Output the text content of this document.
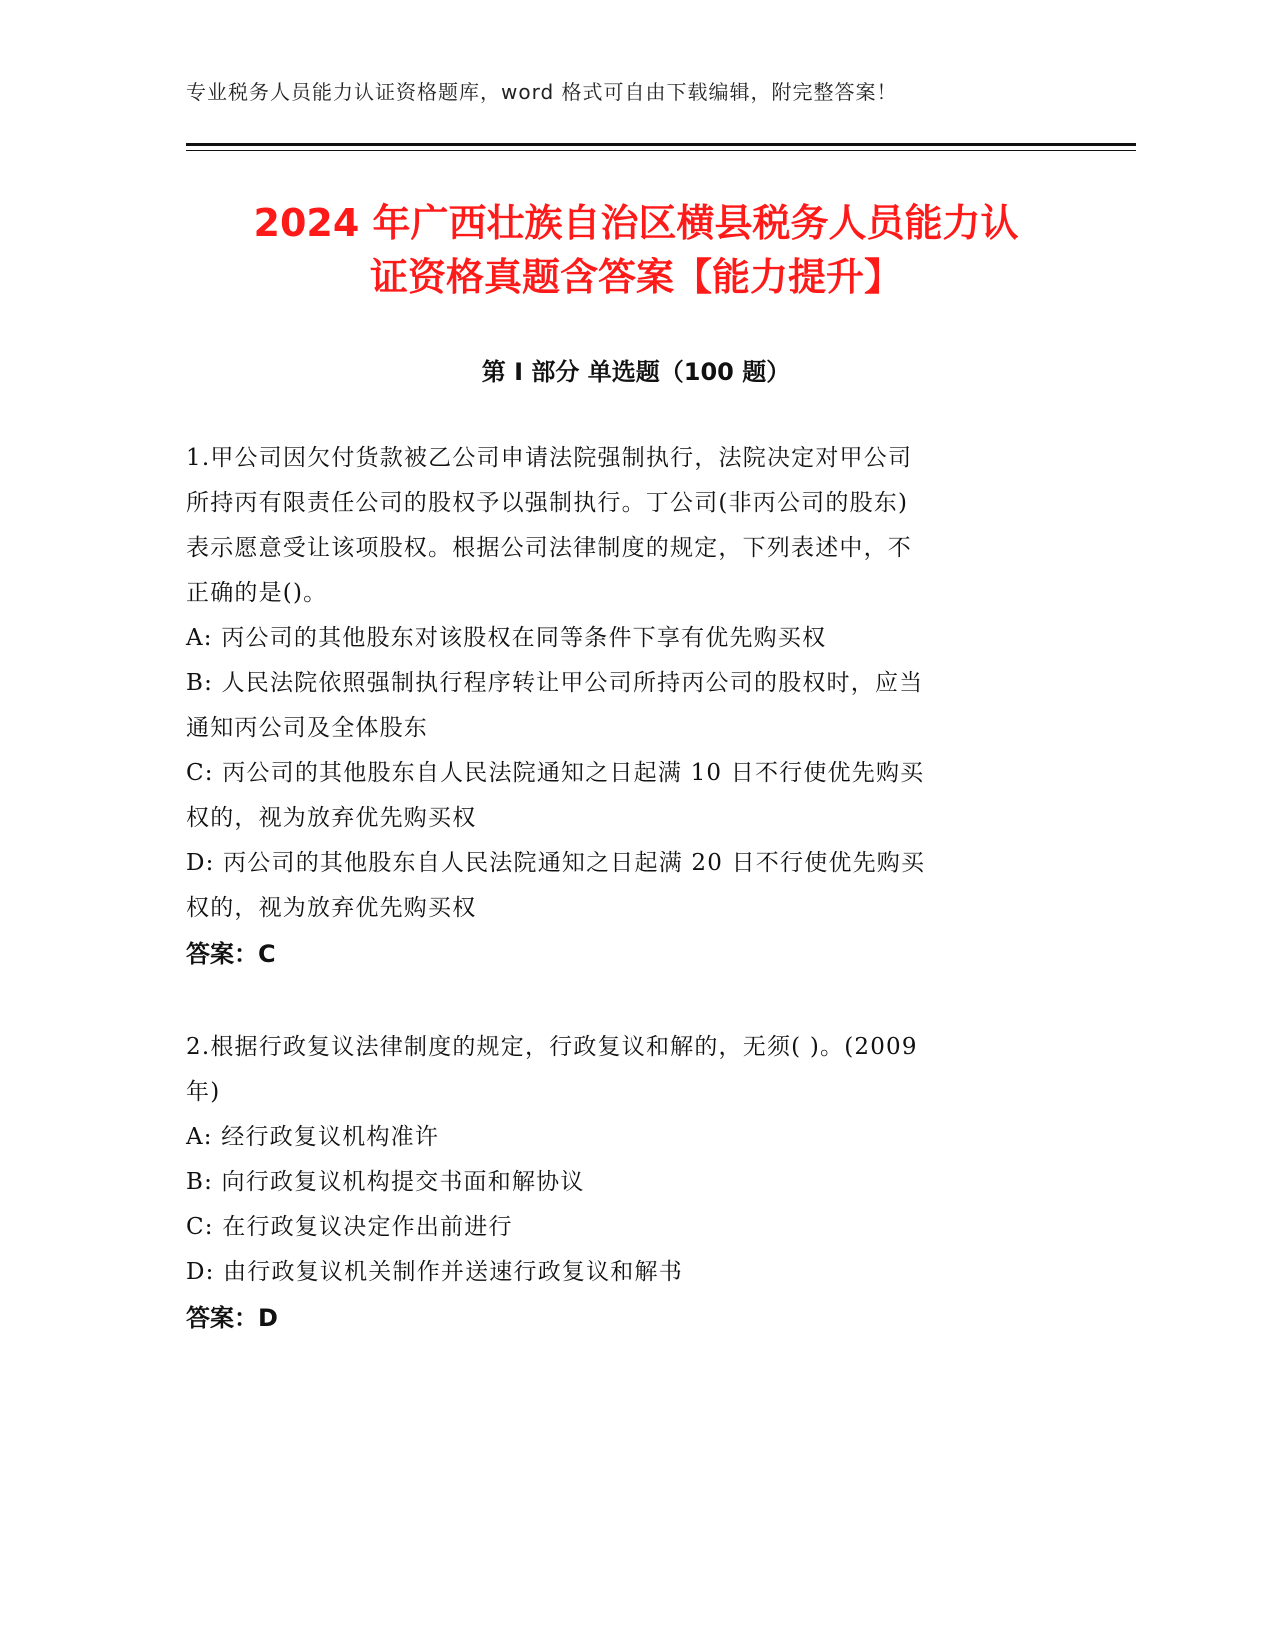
专业税务人员能力认证资格题库，word 格式可自由下载编辑，附完整答案！
2024 年广西壮族自治区横县税务人员能力认
证资格真题含答案【能力提升】
第 I 部分 单选题（100 题）
1.甲公司因欠付货款被乙公司申请法院强制执行，法院决定对甲公司
所持丙有限责任公司的股权予以强制执行。丁公司(非丙公司的股东)
表示愿意受让该项股权。根据公司法律制度的规定，下列表述中，不
正确的是()。
A: 丙公司的其他股东对该股权在同等条件下享有优先购买权
B: 人民法院依照强制执行程序转让甲公司所持丙公司的股权时，应当
通知丙公司及全体股东
C: 丙公司的其他股东自人民法院通知之日起满 10 日不行使优先购买
权的，视为放弃优先购买权
D: 丙公司的其他股东自人民法院通知之日起满 20 日不行使优先购买
权的，视为放弃优先购买权
答案：C
2.根据行政复议法律制度的规定，行政复议和解的，无须( )。(2009
年)
A: 经行政复议机构准许
B: 向行政复议机构提交书面和解协议
C: 在行政复议决定作出前进行
D: 由行政复议机关制作并送速行政复议和解书
答案：D
